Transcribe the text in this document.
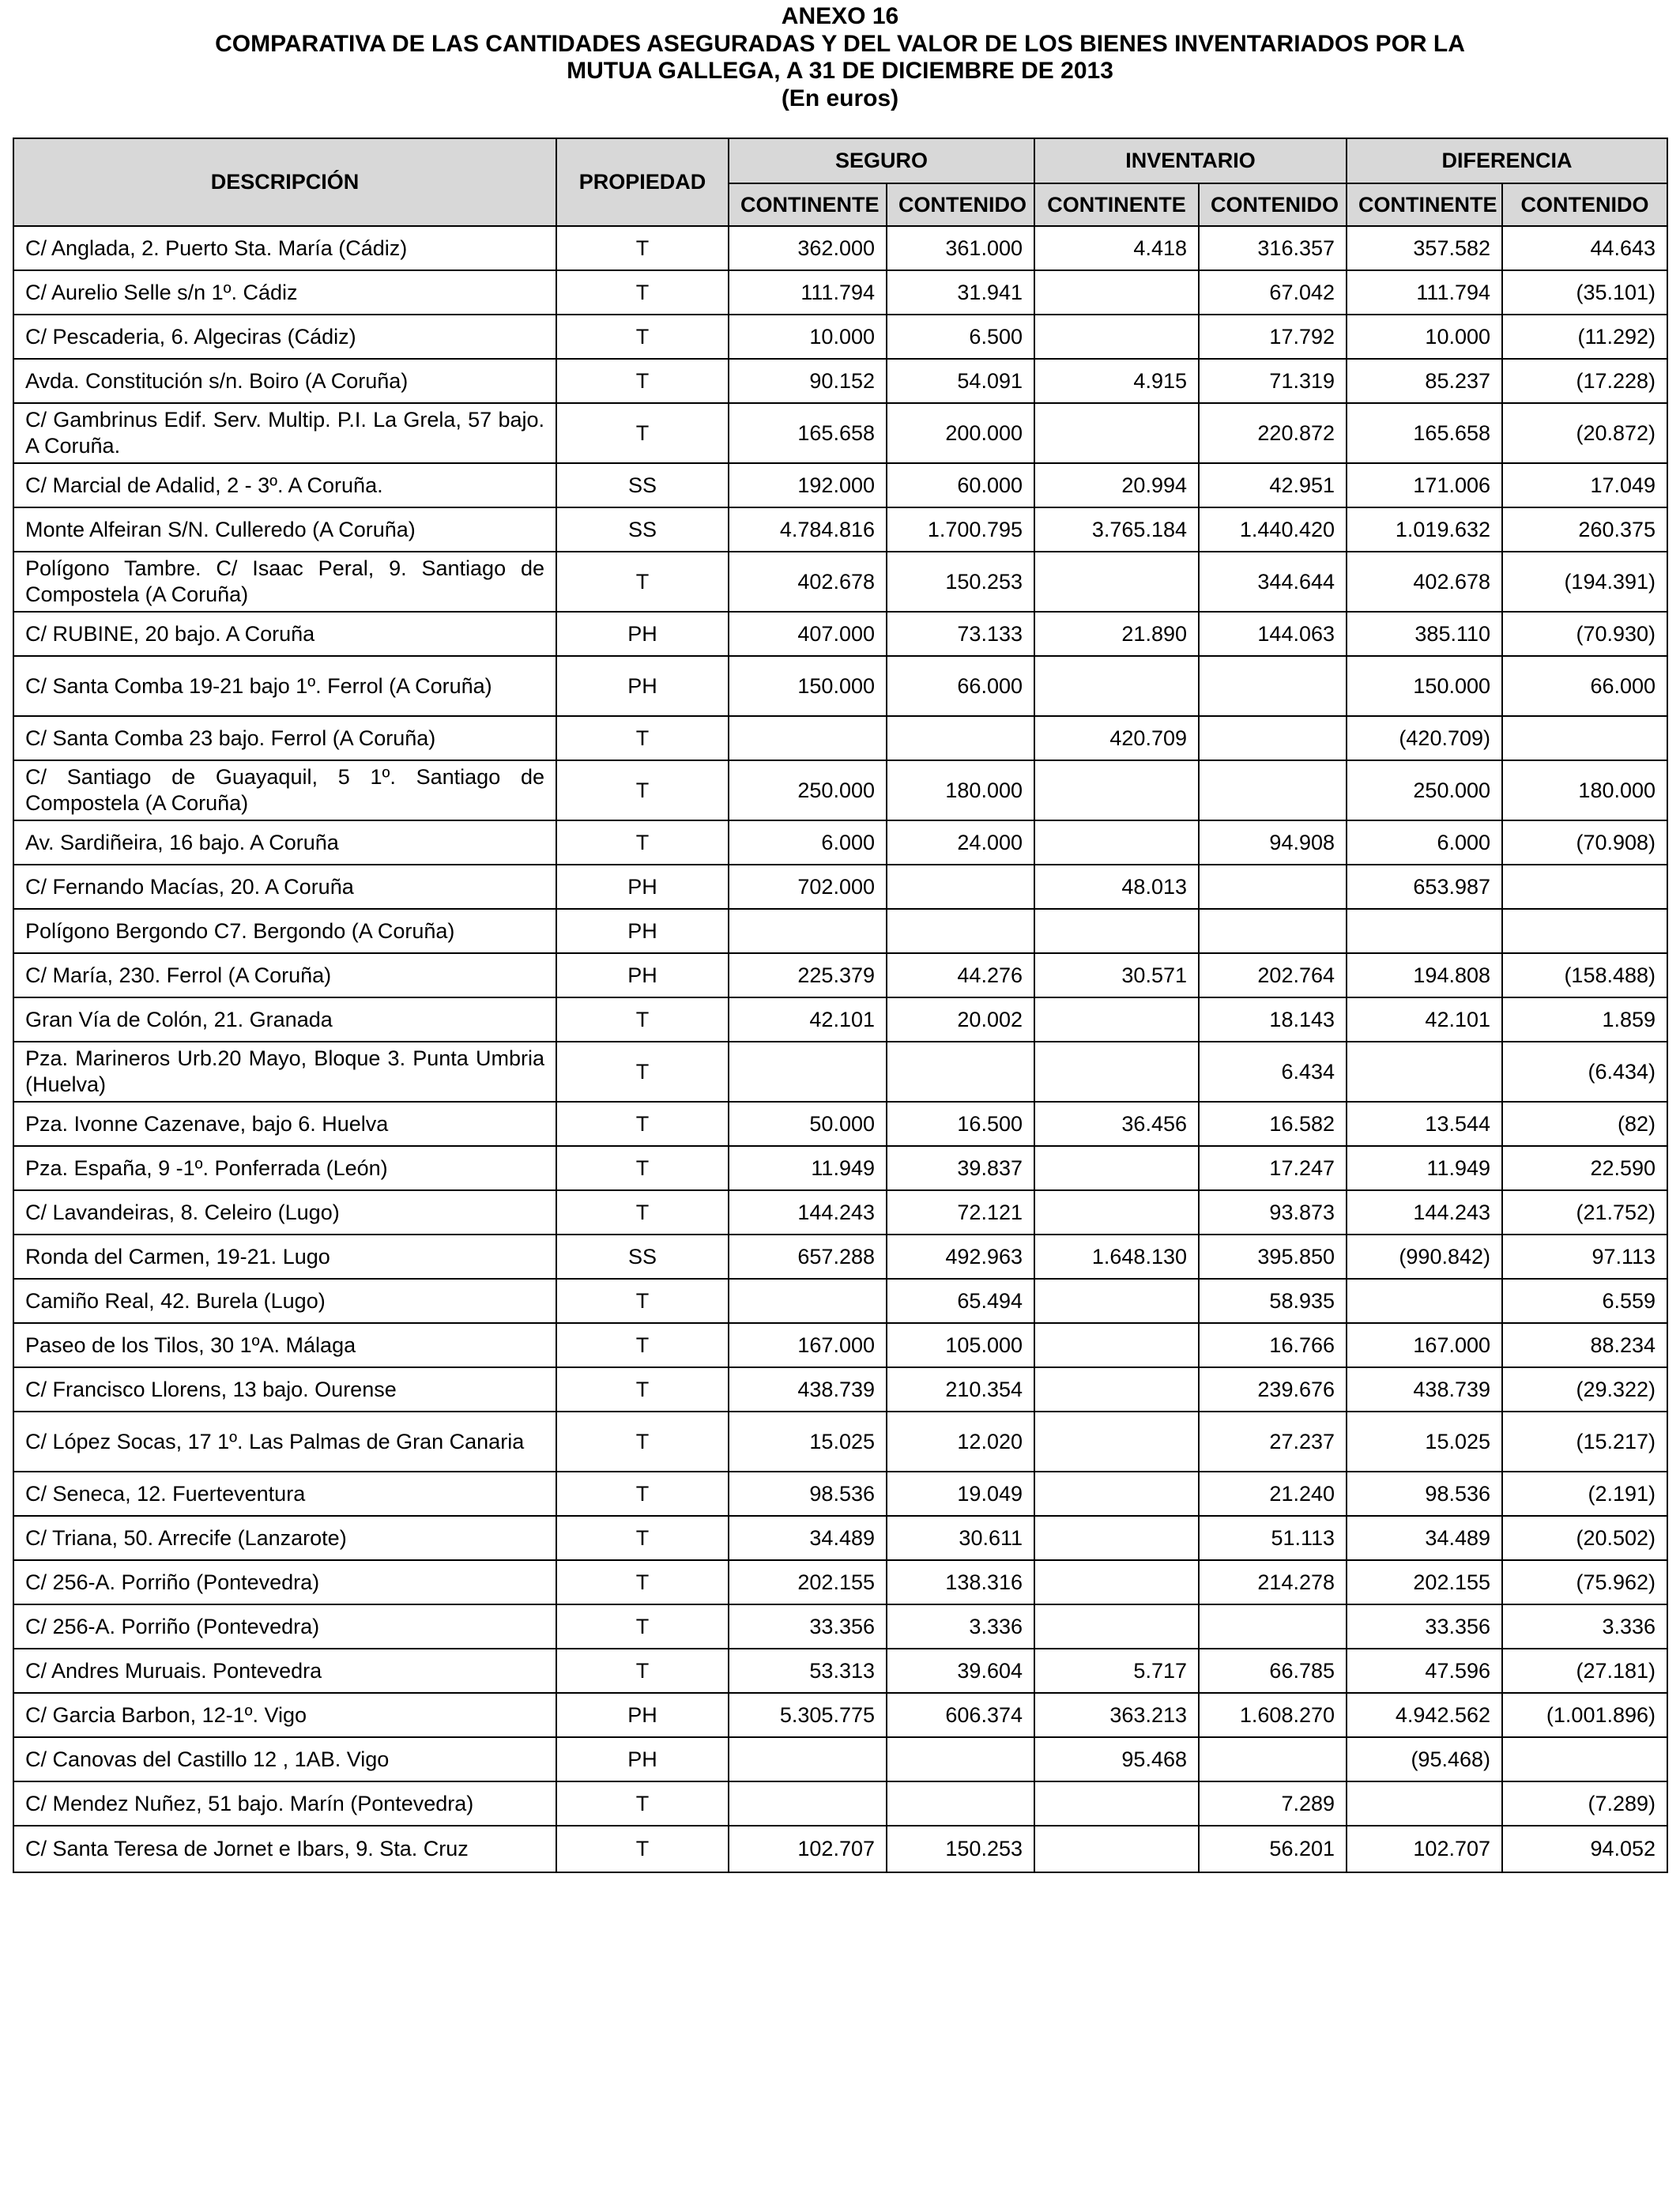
ANEXO 16
COMPARATIVA DE LAS CANTIDADES ASEGURADAS Y DEL VALOR DE LOS BIENES INVENTARIADOS POR LA
MUTUA GALLEGA, A 31 DE DICIEMBRE DE 2013
(En euros)
DESCRIPCIÓN	PROPIEDAD	SEGURO		INVENTARIO		DIFERENCIA	
		CONTINENTE	CONTENIDO	CONTINENTE	CONTENIDO	CONTINENTE	CONTENIDO
C/ Anglada, 2. Puerto Sta. María (Cádiz)	T	362.000	361.000	4.418	316.357	357.582	44.643
C/ Aurelio Selle s/n 1º. Cádiz	T	111.794	31.941		67.042	111.794	(35.101)
C/ Pescaderia, 6. Algeciras (Cádiz)	T	10.000	6.500		17.792	10.000	(11.292)
Avda. Constitución s/n. Boiro (A Coruña)	T	90.152	54.091	4.915	71.319	85.237	(17.228)
C/ Gambrinus Edif. Serv. Multip. P.I. La Grela, 57 bajo. A Coruña.	T	165.658	200.000		220.872	165.658	(20.872)
C/ Marcial de Adalid, 2 - 3º. A Coruña.	SS	192.000	60.000	20.994	42.951	171.006	17.049
Monte Alfeiran S/N. Culleredo (A Coruña)	SS	4.784.816	1.700.795	3.765.184	1.440.420	1.019.632	260.375
Polígono Tambre. C/ Isaac Peral, 9. Santiago de Compostela (A Coruña)	T	402.678	150.253		344.644	402.678	(194.391)
C/ RUBINE, 20 bajo. A Coruña	PH	407.000	73.133	21.890	144.063	385.110	(70.930)
C/ Santa Comba 19-21 bajo 1º. Ferrol (A Coruña)	PH	150.000	66.000			150.000	66.000
C/ Santa Comba 23 bajo. Ferrol (A Coruña)	T			420.709		(420.709)	
C/ Santiago de Guayaquil, 5 1º. Santiago de Compostela (A Coruña)	T	250.000	180.000			250.000	180.000
Av. Sardiñeira, 16 bajo. A Coruña	T	6.000	24.000		94.908	6.000	(70.908)
C/ Fernando Macías, 20. A Coruña	PH	702.000		48.013		653.987	
Polígono Bergondo C7. Bergondo (A Coruña)	PH						
C/ María, 230. Ferrol (A Coruña)	PH	225.379	44.276	30.571	202.764	194.808	(158.488)
Gran Vía de Colón, 21. Granada	T	42.101	20.002		18.143	42.101	1.859
Pza. Marineros Urb.20 Mayo, Bloque 3. Punta Umbria (Huelva)	T				6.434		(6.434)
Pza. Ivonne Cazenave, bajo 6. Huelva	T	50.000	16.500	36.456	16.582	13.544	(82)
Pza. España, 9 -1º. Ponferrada (León)	T	11.949	39.837		17.247	11.949	22.590
C/ Lavandeiras, 8. Celeiro (Lugo)	T	144.243	72.121		93.873	144.243	(21.752)
Ronda del Carmen, 19-21. Lugo	SS	657.288	492.963	1.648.130	395.850	(990.842)	97.113
Camiño Real, 42. Burela (Lugo)	T		65.494		58.935		6.559
Paseo de los Tilos, 30 1ºA. Málaga	T	167.000	105.000		16.766	167.000	88.234
C/ Francisco Llorens, 13 bajo. Ourense	T	438.739	210.354		239.676	438.739	(29.322)
C/ López Socas, 17 1º. Las Palmas de Gran Canaria	T	15.025	12.020		27.237	15.025	(15.217)
C/ Seneca, 12. Fuerteventura	T	98.536	19.049		21.240	98.536	(2.191)
C/ Triana, 50. Arrecife (Lanzarote)	T	34.489	30.611		51.113	34.489	(20.502)
C/ 256-A. Porriño (Pontevedra)	T	202.155	138.316		214.278	202.155	(75.962)
C/ 256-A. Porriño (Pontevedra)	T	33.356	3.336			33.356	3.336
C/ Andres Muruais. Pontevedra	T	53.313	39.604	5.717	66.785	47.596	(27.181)
C/ Garcia Barbon, 12-1º. Vigo	PH	5.305.775	606.374	363.213	1.608.270	4.942.562	(1.001.896)
C/ Canovas del Castillo 12 , 1AB. Vigo	PH			95.468		(95.468)	
C/ Mendez Nuñez, 51 bajo. Marín (Pontevedra)	T				7.289		(7.289)
C/ Santa Teresa de Jornet e Ibars, 9. Sta. Cruz	T	102.707	150.253		56.201	102.707	94.052
